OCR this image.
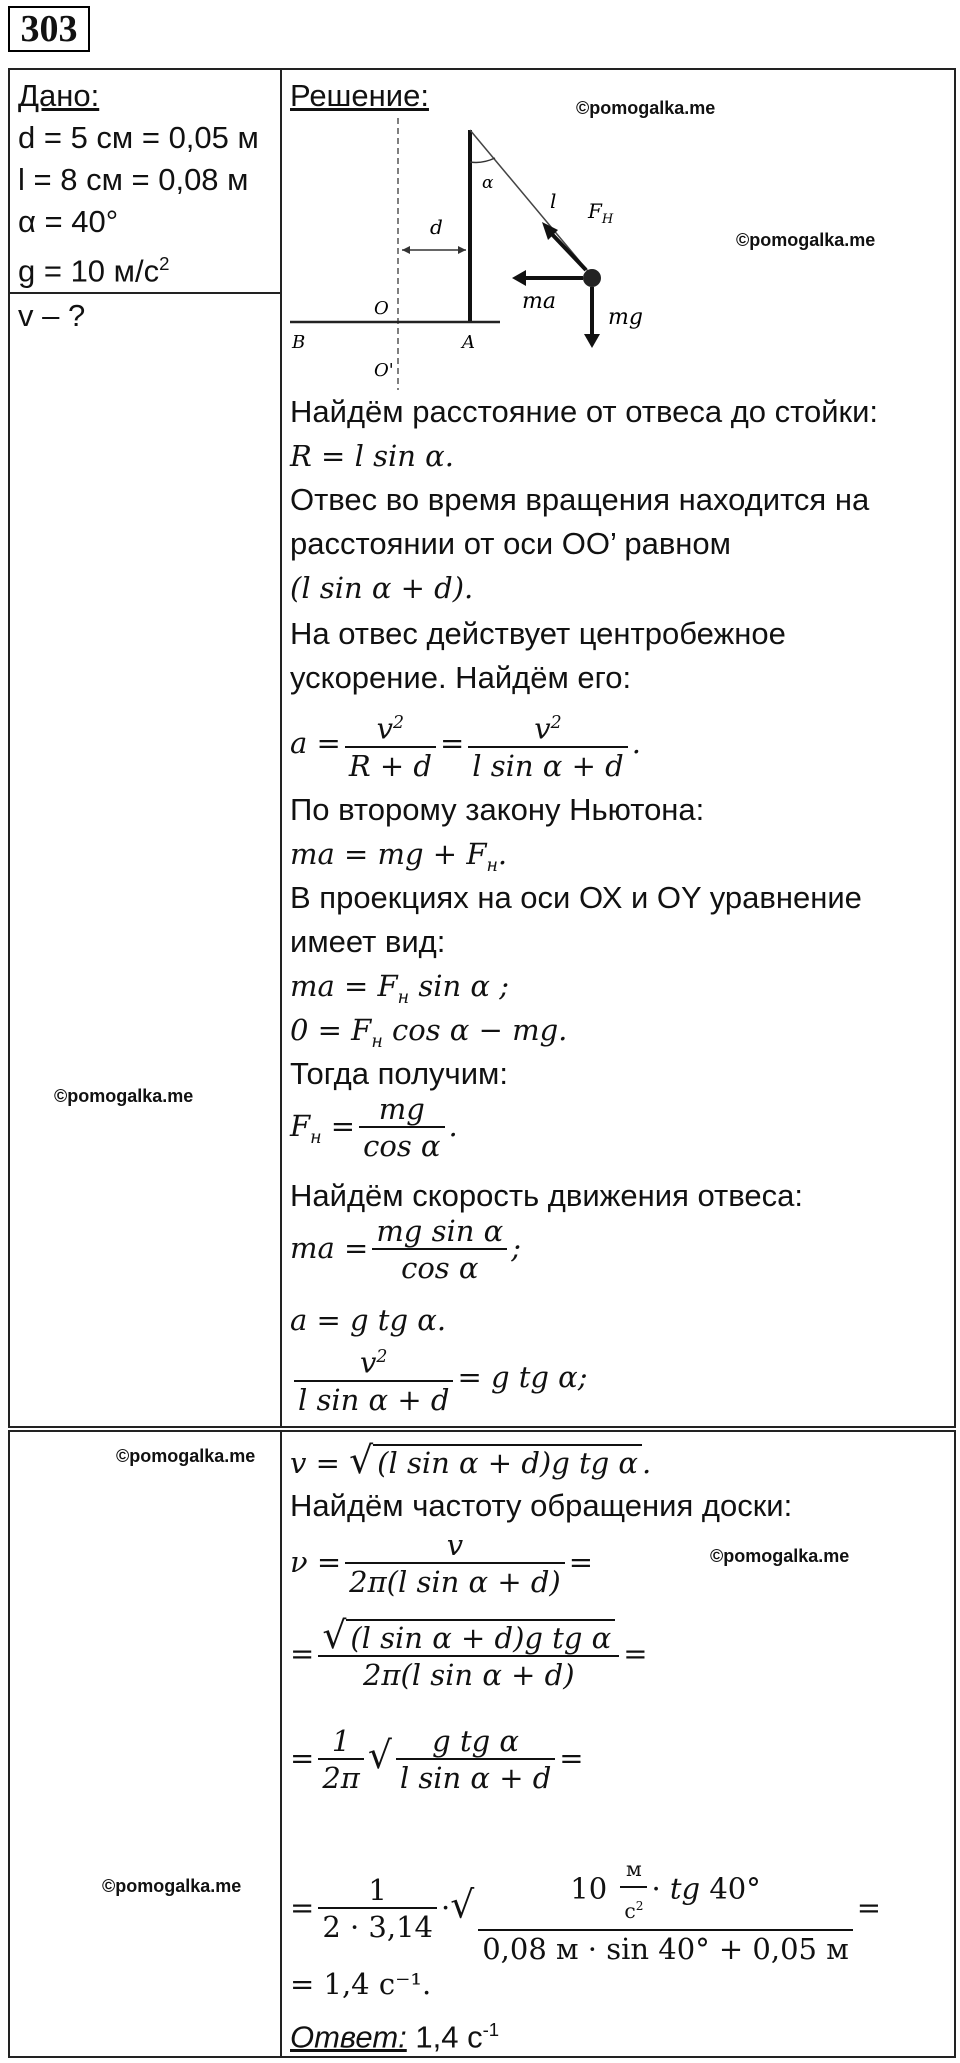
303
Дано:
d = 5 см = 0,05 м
l = 8 см = 0,08 м
α = 40°
g = 10 $м/с^2$
v – ?
Решение:
α
l $F_H$
d
O
O'
B	A
ma
mg
Найдём расстояние от отвеса до стойки:
R = l sin α.
Отвес во время вращения находится на
расстоянии от оси OO’ равном
(l sin α + d).
На отвес действует центробежное
ускорение. Найдём его:
$a = \frac{v^2}{R + d} = \frac{v^2}{\text{l sin α + d}}$ .
По второму закону Ньютона:
ma = mg + $F_н$.
В проекциях на оси ОХ и ОY уравнение
имеет вид:
ma = $F_н$ sin α ;
$0 = F_н$ cos α − mg.
Тогда получим:
$F_н = \frac{mg}{\text{cos α}}$ .
Найдём скорость движения отвеса:
ma = $\frac{\text{mg sin α}}{\text{cos α}}$ ;
a = g tg α.
$\frac{v^2}{\text{l sin α + d}} = g$ tg α;
v = √ (l sin α + d)g tg α .
Найдём частоту обращения доски:
$\nu = \frac{v}{\text{2π(l sin α + d)}}$ =
= $\frac{\text{√ (l sin α + d)g tg α}}{\text{2π(l sin α + d)}}$ =
= $\frac{1}{2\pi}$ √ $\frac{\text{g tg α}}{\text{l sin α + d}}$ =
= $\frac{1}{2 \cdot 3,14}$ ·√ $\frac{10 \frac{м}{с^2} \cdot tg 40^\circ}{0,08 м \cdot \sin 40^\circ + 0,05 м}$ =
= 1,4 с⁻¹.
Ответ: 1,4 $с^{-1}$
©pomogalka.me
©pomogalka.me
©pomogalka.me
©pomogalka.me
©pomogalka.me
©pomogalka.me
